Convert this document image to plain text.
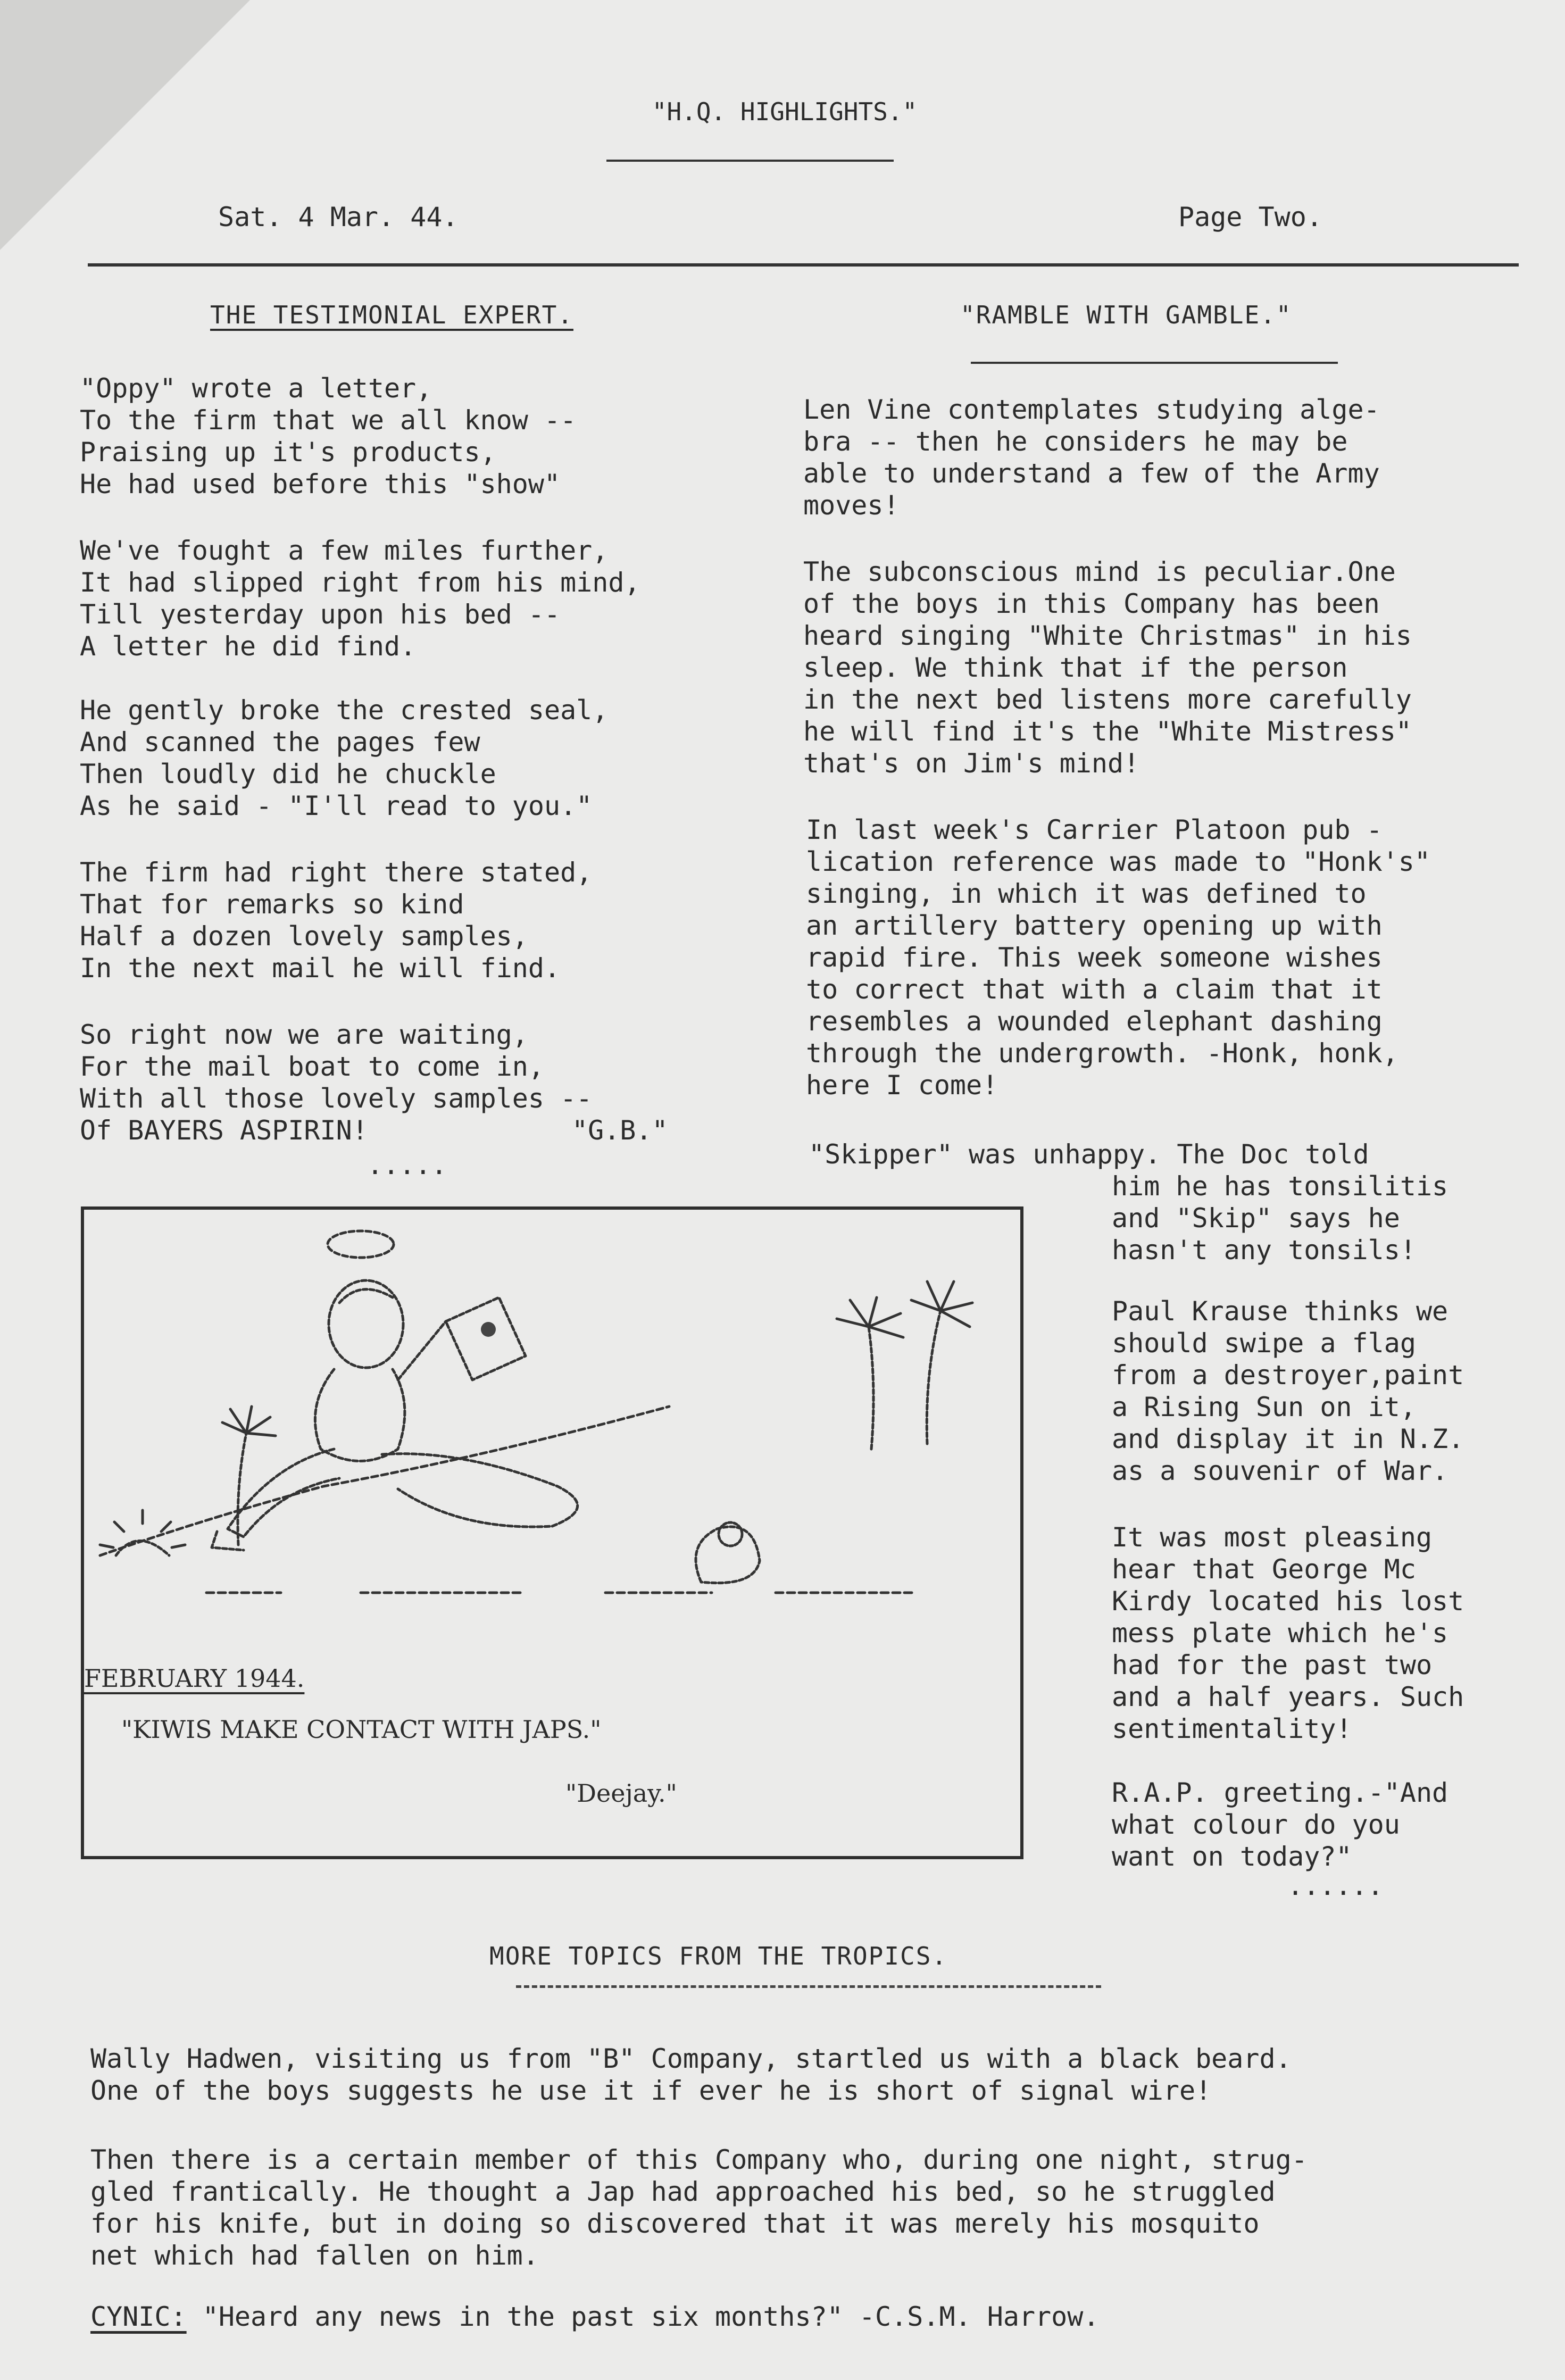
"H.Q. HIGHLIGHTS."
Sat. 4 Mar. 44.	Page Two.
THE TESTIMONIAL EXPERT.
"Oppy" wrote a letter,
To the firm that we all know --
Praising up it's products,
He had used before this "show"
We've fought a few miles further,
It had slipped right from his mind,
Till yesterday upon his bed --
A letter he did find.
He gently broke the crested seal,
And scanned the pages few
Then loudly did he chuckle
As he said - "I'll read to you."
The firm had right there stated,
That for remarks so kind
Half a dozen lovely samples,
In the next mail he will find.
So right now we are waiting,
For the mail boat to come in,
With all those lovely samples --
Of BAYERS ASPIRIN!	"G.B."
.....
"RAMBLE WITH GAMBLE."
Len Vine contemplates studying alge-
bra -- then he considers he may be
able to understand a few of the Army
moves!
The subconscious mind is peculiar.One
of the boys in this Company has been
heard singing "White Christmas" in his
sleep. We think that if the person
in the next bed listens more carefully
he will find it's the "White Mistress"
that's on Jim's mind!
In last week's Carrier Platoon pub -
lication reference was made to "Honk's"
singing, in which it was defined to
an artillery battery opening up with
rapid fire. This week someone wishes
to correct that with a claim that it
resembles a wounded elephant dashing
through the undergrowth. -Honk, honk,
here I come!
"Skipper" was unhappy. The Doc told
him he has tonsilitis
and "Skip" says he
hasn't any tonsils!
Paul Krause thinks we
should swipe a flag
from a destroyer,paint
a Rising Sun on it,
and display it in N.Z.
as a souvenir of War.
It was most pleasing
hear that George Mc
Kirdy located his lost
mess plate which he's
had for the past two
and a half years. Such
sentimentality!
R.A.P. greeting.-"And
what colour do you
want on today?"
......
FEBRUARY 1944.
"KIWIS MAKE CONTACT WITH JAPS."
"Deejay."
MORE TOPICS FROM THE TROPICS.
Wally Hadwen, visiting us from "B" Company, startled us with a black beard.
One of the boys suggests he use it if ever he is short of signal wire!
Then there is a certain member of this Company who, during one night, strug-
gled frantically. He thought a Jap had approached his bed, so he struggled
for his knife, but in doing so discovered that it was merely his mosquito
net which had fallen on him.
CYNIC: "Heard any news in the past six months?" -C.S.M. Harrow.
